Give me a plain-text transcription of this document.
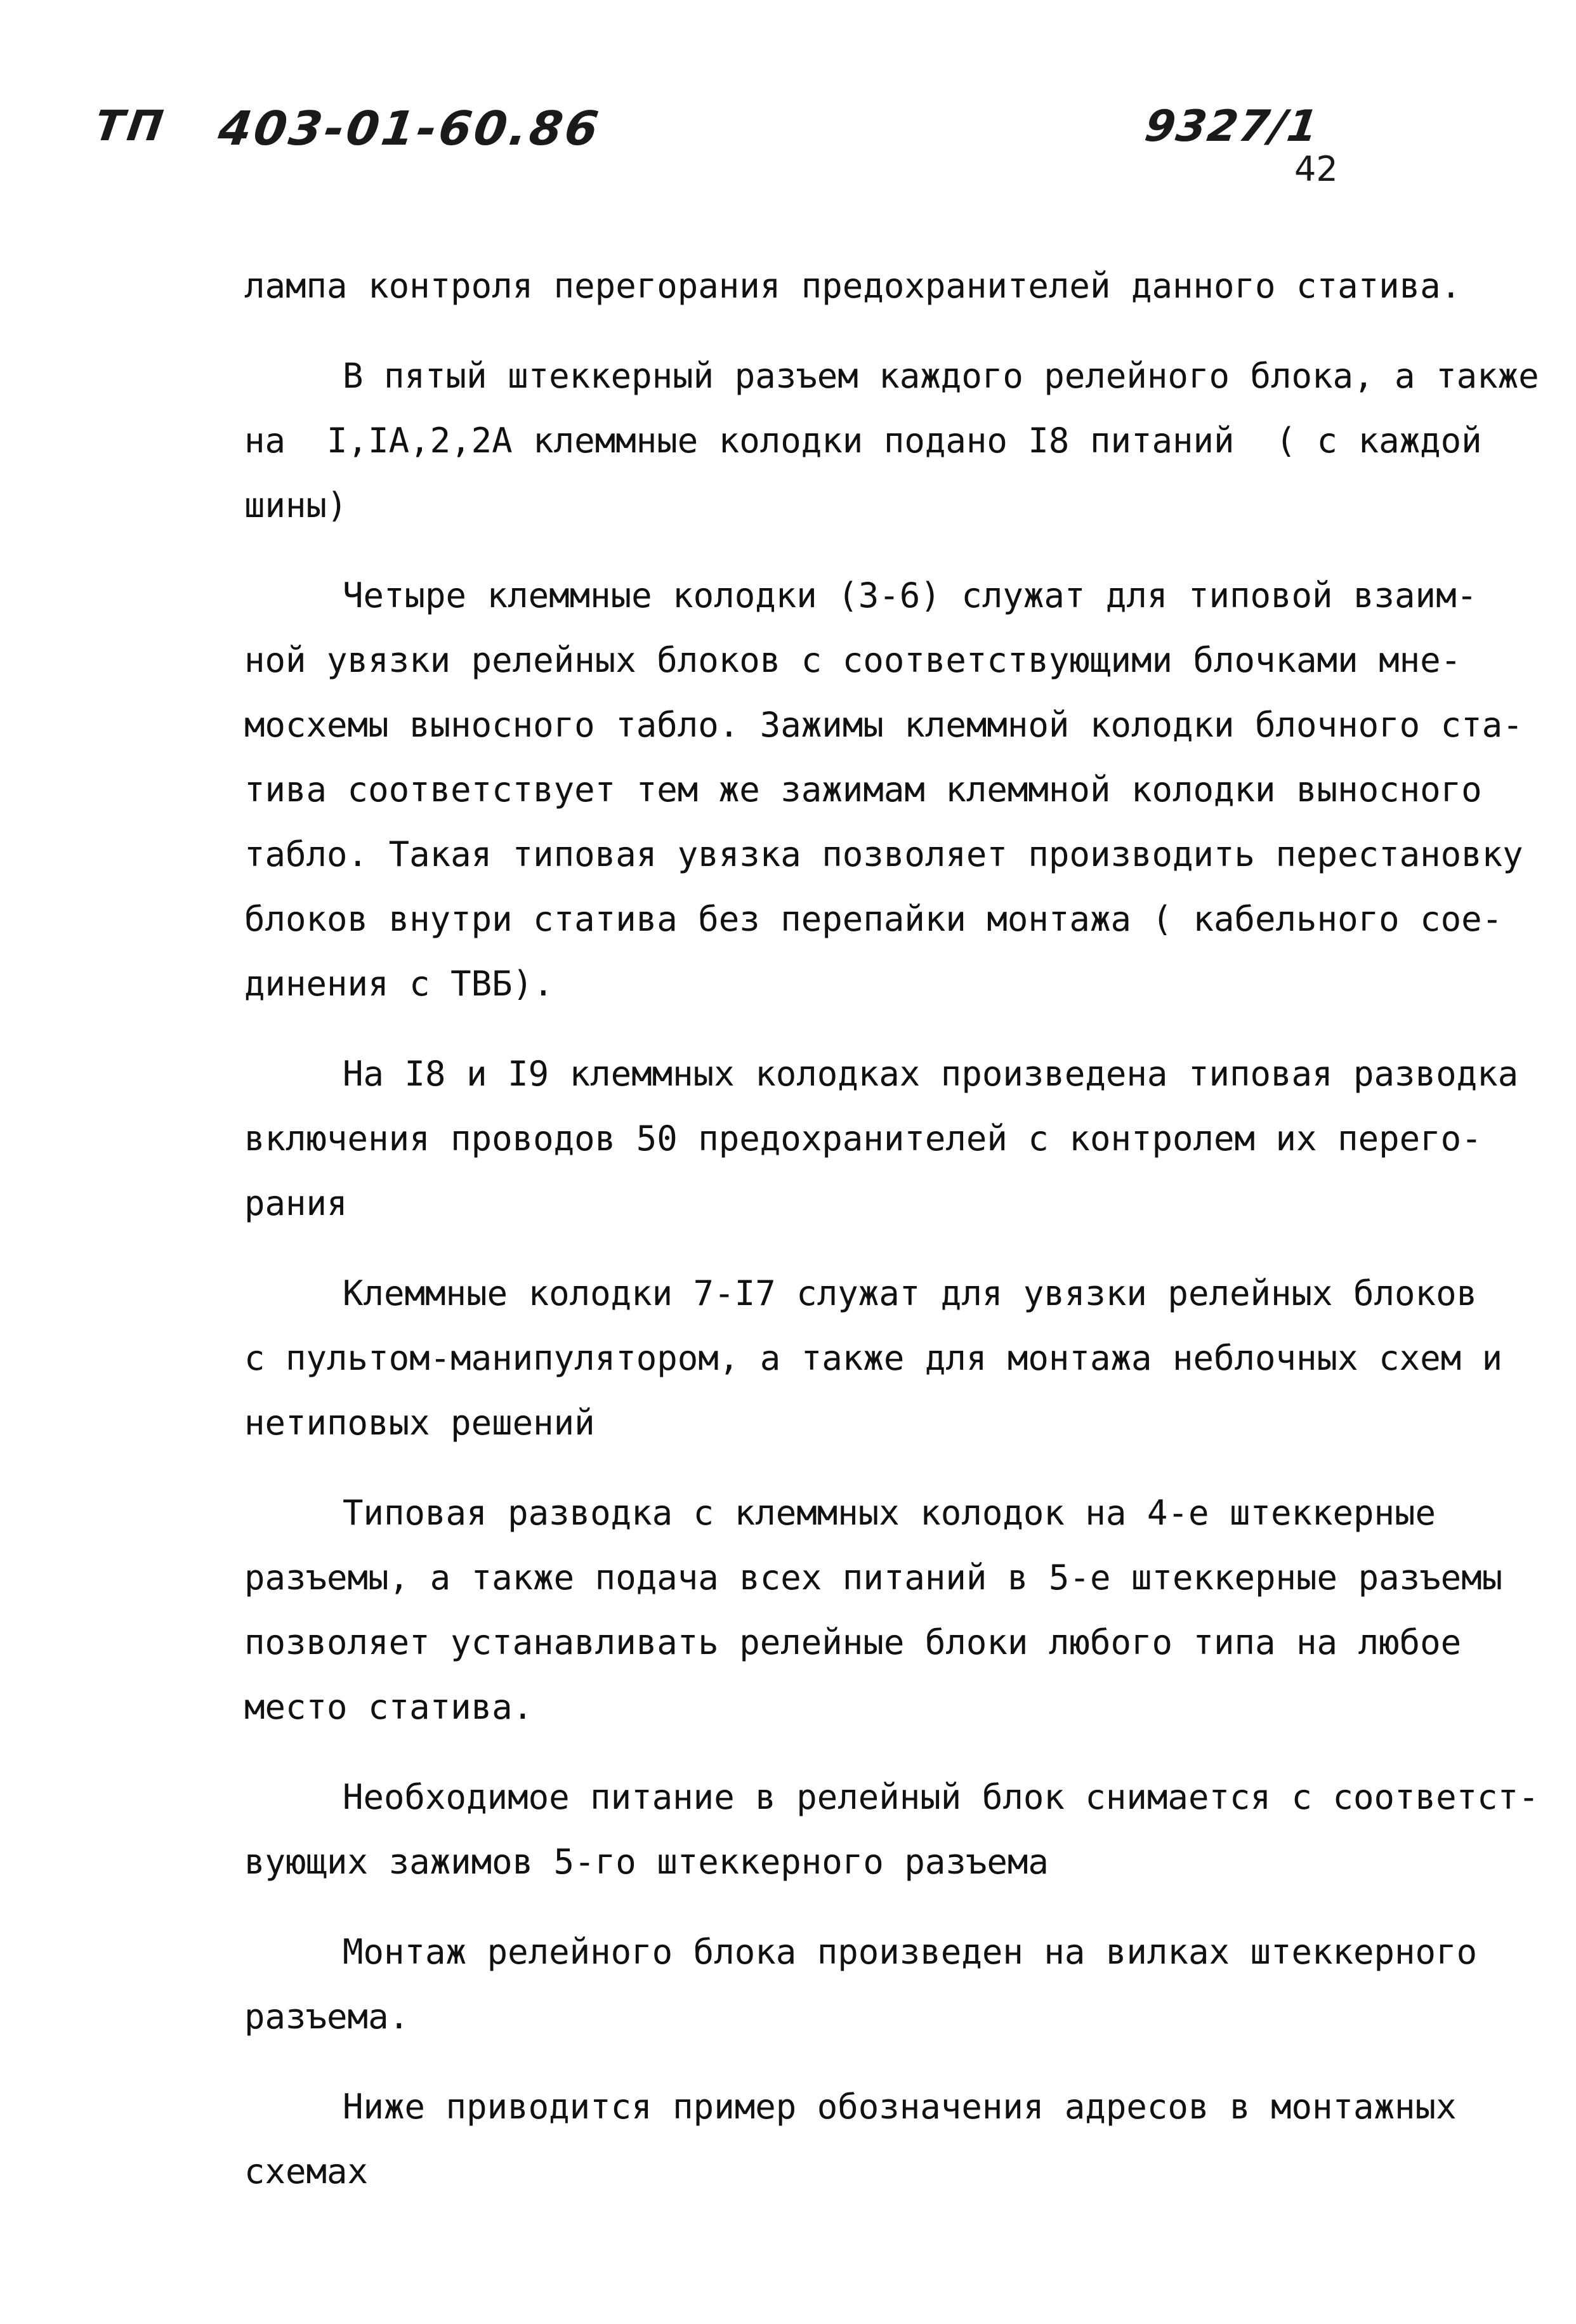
ТП 403-01-60.86	9327/1
42
лампа контроля перегорания предохранителей данного статива.
В пятый штеккерный разъем каждого релейного блока, а также
на  I,IA,2,2A клеммные колодки подано I8 питаний  ( с каждой
шины)
Четыре клеммные колодки (3-6) служат для типовой взаим-
ной увязки релейных блоков с соответствующими блочками мне-
мосхемы выносного табло. Зажимы клеммной колодки блочного ста-
тива соответствует тем же зажимам клеммной колодки выносного
табло. Такая типовая увязка позволяет производить перестановку
блоков внутри статива без перепайки монтажа ( кабельного сое-
динения с ТВБ).
На I8 и I9 клеммных колодках произведена типовая разводка
включения проводов 50 предохранителей с контролем их перего-
рания
Клеммные колодки 7-I7 служат для увязки релейных блоков
с пультом-манипулятором, а также для монтажа неблочных схем и
нетиповых решений
Типовая разводка с клеммных колодок на 4-е штеккерные
разъемы, а также подача всех питаний в 5-е штеккерные разъемы
позволяет устанавливать релейные блоки любого типа на любое
место статива.
Необходимое питание в релейный блок снимается с соответст-
вующих зажимов 5-го штеккерного разъема
Монтаж релейного блока произведен на вилках штеккерного
разъема.
Ниже приводится пример обозначения адресов в монтажных
схемах
